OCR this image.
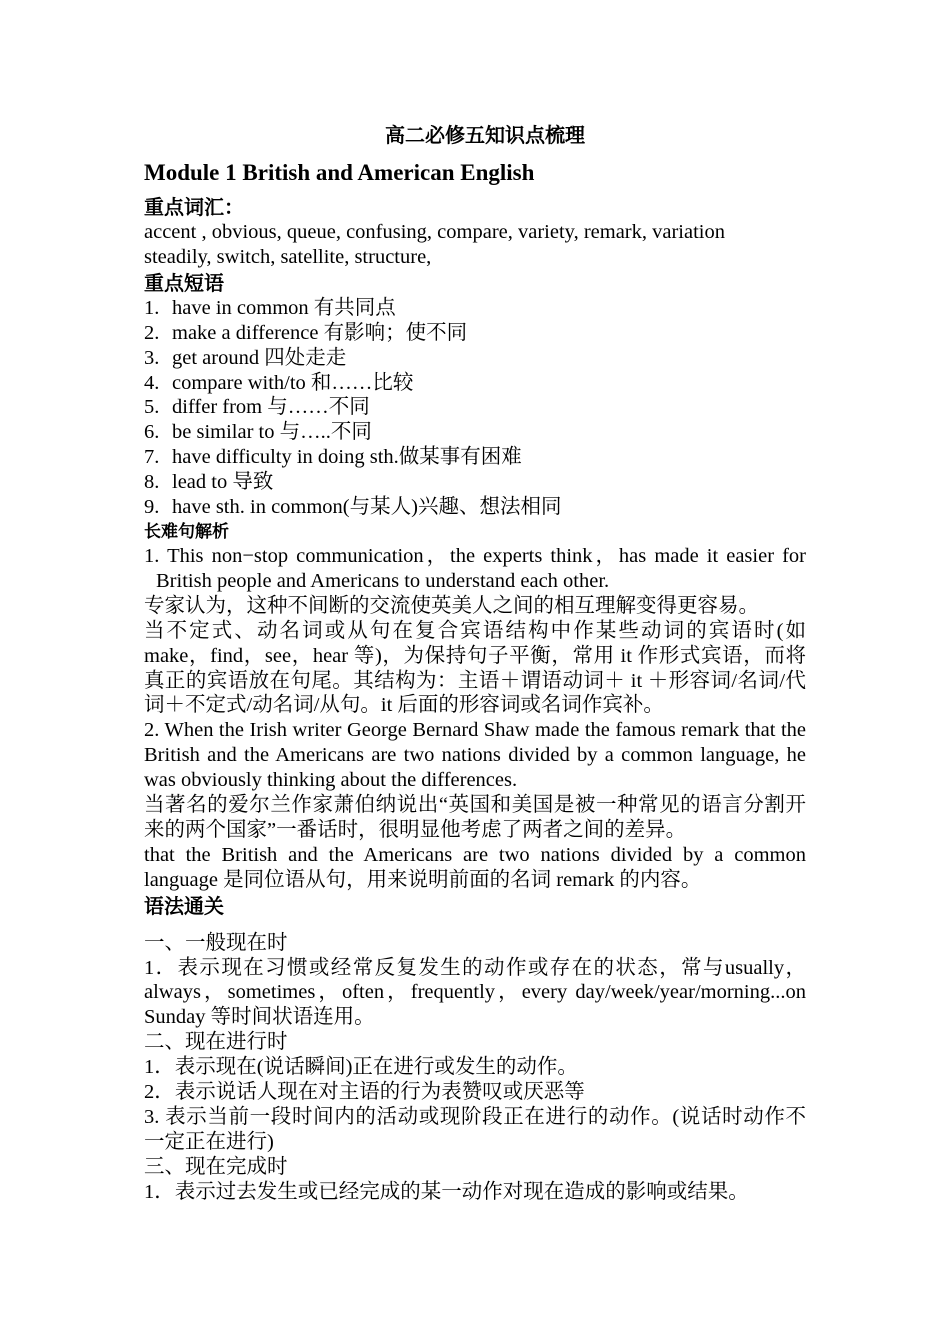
高二必修五知识点梳理
Module 1 British and American English
重点词汇：
accent , obvious, queue, confusing, compare, variety, remark, variation
steadily, switch, satellite, structure,
重点短语
1. have in common 有共同点
2. make a difference 有影响；使不同
3. get around 四处走走
4. compare with/to 和……比较
5. differ from 与……不同
6. be similar to 与…..不同
7. have difficulty in doing sth.做某事有困难
8. lead to 导致
9. have sth. in common(与某人)兴趣、想法相同
长难句解析
1. This non−stop communication，the experts think，has made it easier for British people and Americans to understand each other.
专家认为，这种不间断的交流使英美人之间的相互理解变得更容易。
当不定式、动名词或从句在复合宾语结构中作某些动词的宾语时(如make，find，see，hear 等)，为保持句子平衡，常用 it 作形式宾语，而将真正的宾语放在句尾。其结构为：主语＋谓语动词＋ it ＋形容词/名词/代词＋不定式/动名词/从句。it 后面的形容词或名词作宾补。
2. When the Irish writer George Bernard Shaw made the famous remark that the British and the Americans are two nations divided by a common language, he was obviously thinking about the differences.
当著名的爱尔兰作家萧伯纳说出“英国和美国是被一种常见的语言分割开来的两个国家”一番话时，很明显他考虑了两者之间的差异。
that the British and the Americans are two nations divided by a common language 是同位语从句，用来说明前面的名词 remark 的内容。
语法通关
一、一般现在时
1．表示现在习惯或经常反复发生的动作或存在的状态，常与usually，always，sometimes，often，frequently，every day/week/year/morning...on Sunday 等时间状语连用。
二、现在进行时
1．表示现在(说话瞬间)正在进行或发生的动作。
2．表示说话人现在对主语的行为表赞叹或厌恶等
3. 表示当前一段时间内的活动或现阶段正在进行的动作。(说话时动作不一定正在进行)
三、现在完成时
1．表示过去发生或已经完成的某一动作对现在造成的影响或结果。
